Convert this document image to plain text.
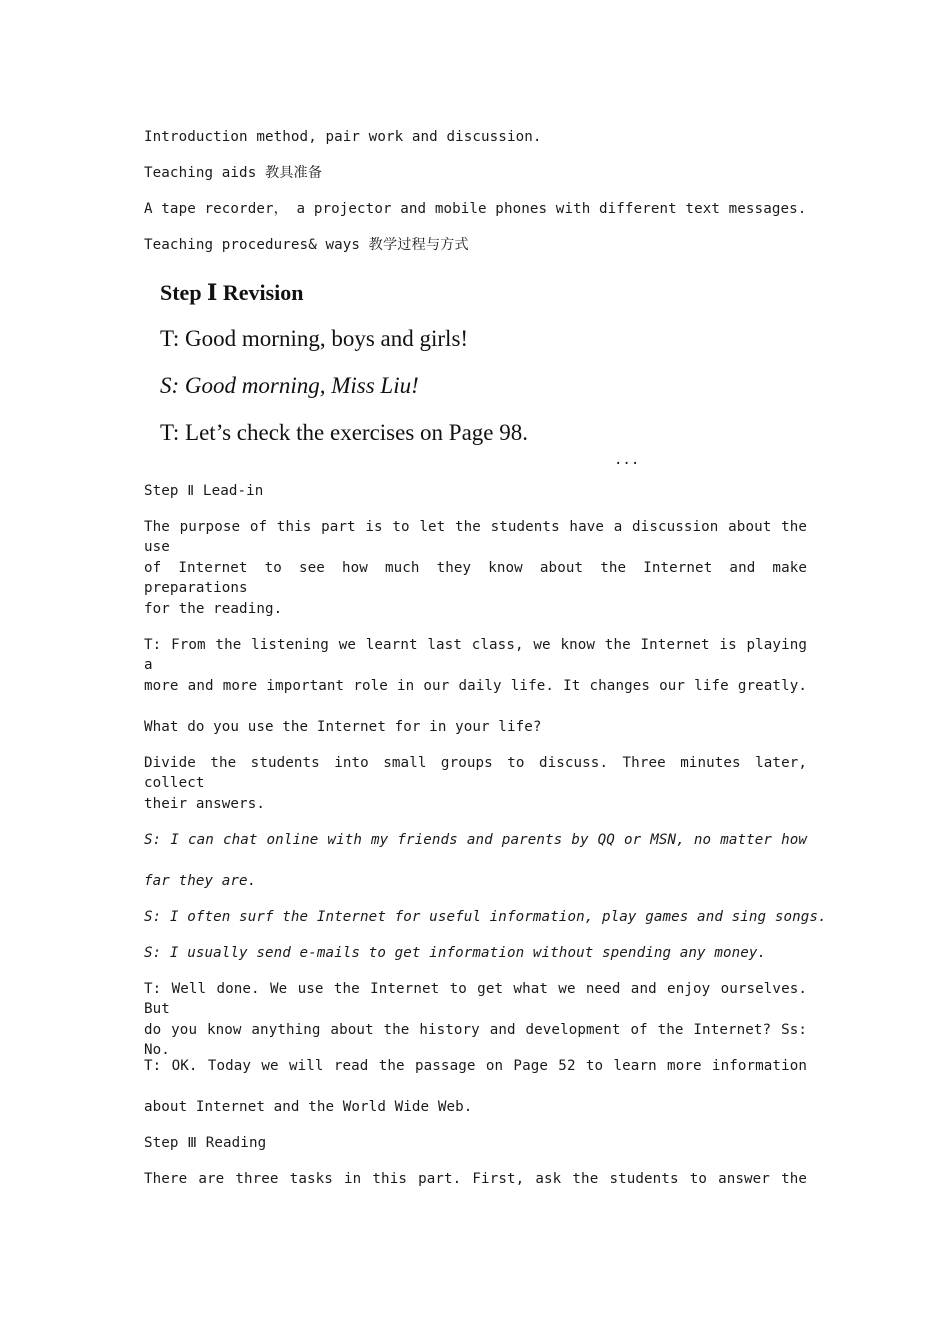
Introduction method, pair work and discussion.
Teaching aids 教具准备
A tape recorder， a projector and mobile phones with different text messages.
Teaching procedures& ways 教学过程与方式
Step Ⅰ Revision
T: Good morning, boys and girls!
S: Good morning, Miss Liu!
T: Let’s check the exercises on Page 98.
...
Step Ⅱ Lead-in
The purpose of this part is to let the students have a discussion about the use
of Internet to see how much they know about the Internet and make preparations
for the reading.
T: From the listening we learnt last class, we know the Internet is playing a
more and more important role in our daily life. It changes our life greatly.
What do you use the Internet for in your life?
Divide the students into small groups to discuss. Three minutes later, collect
their answers.
S: I can chat online with my friends and parents by QQ or MSN, no matter how
far they are.
S: I often surf the Internet for useful information, play games and sing songs.
S: I usually send e-mails to get information without spending any money.
T: Well done. We use the Internet to get what we need and enjoy ourselves. But
do you know anything about the history and development of the Internet? Ss: No.
T: OK. Today we will read the passage on Page 52 to learn more information
about Internet and the World Wide Web.
Step Ⅲ Reading
There are three tasks in this part. First, ask the students to answer the
